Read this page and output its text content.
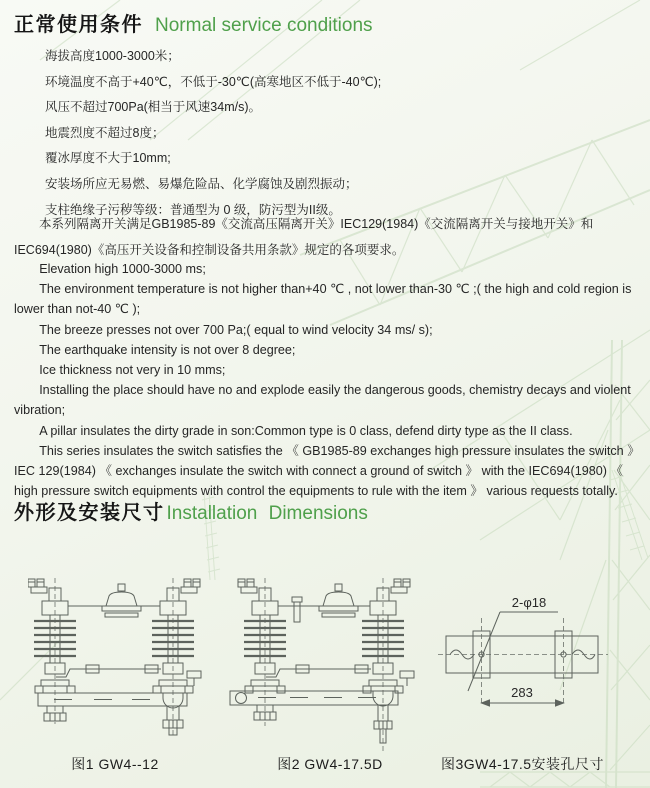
正常使用条件 Normal service conditions

海拔高度1000-3000米；

环境温度不高于+40℃，不低于-30℃(高寒地区不低于-40℃);

风压不超过700Pa(相当于风速34m/s)。

地震烈度不超过8度；

覆冰厚度不大于10mm;

安装场所应无易燃、易爆危险品、化学腐蚀及剧烈振动；

支柱绝缘子污秽等级：普通型为 0 级，防污型为II级。

本系列隔离开关满足GB1985-89《交流高压隔离开关》IEC129(1984)《交流隔离开关与接地开关》和IEC694(1980)《高压开关设备和控制设备共用条款》规定的各项要求。

Elevation high 1000-3000 ms;

The environment temperature is not higher than+40 ℃ , not lower than-30 ℃ ;( the high and cold region is lower than not-40 ℃ );

The breeze presses not over 700 Pa;( equal to wind velocity 34 ms/ s);

The earthquake intensity is not over 8 degree;

Ice thickness not very in 10 mms;

Installing the place should have no and explode easily the dangerous goods, chemistry decays and violent vibration;

A pillar insulates the dirty grade in son:Common type is 0 class, defend dirty type as the II class.

This series insulates the switch satisfies the 《 GB1985-89 exchanges high pressure insulates the switch 》 IEC 129(1984) 《 exchanges insulate the switch with connect a ground of switch 》 with the IEC694(1980) 《 high pressure switch equipments with control the equipments to rule with the item 》 various requests totally.

外形及安装尺寸 Installation Dimensions
图1 GW4--12	图2 GW4-17.5D
2-φ18
283
图3GW4-17.5安装孔尺寸
